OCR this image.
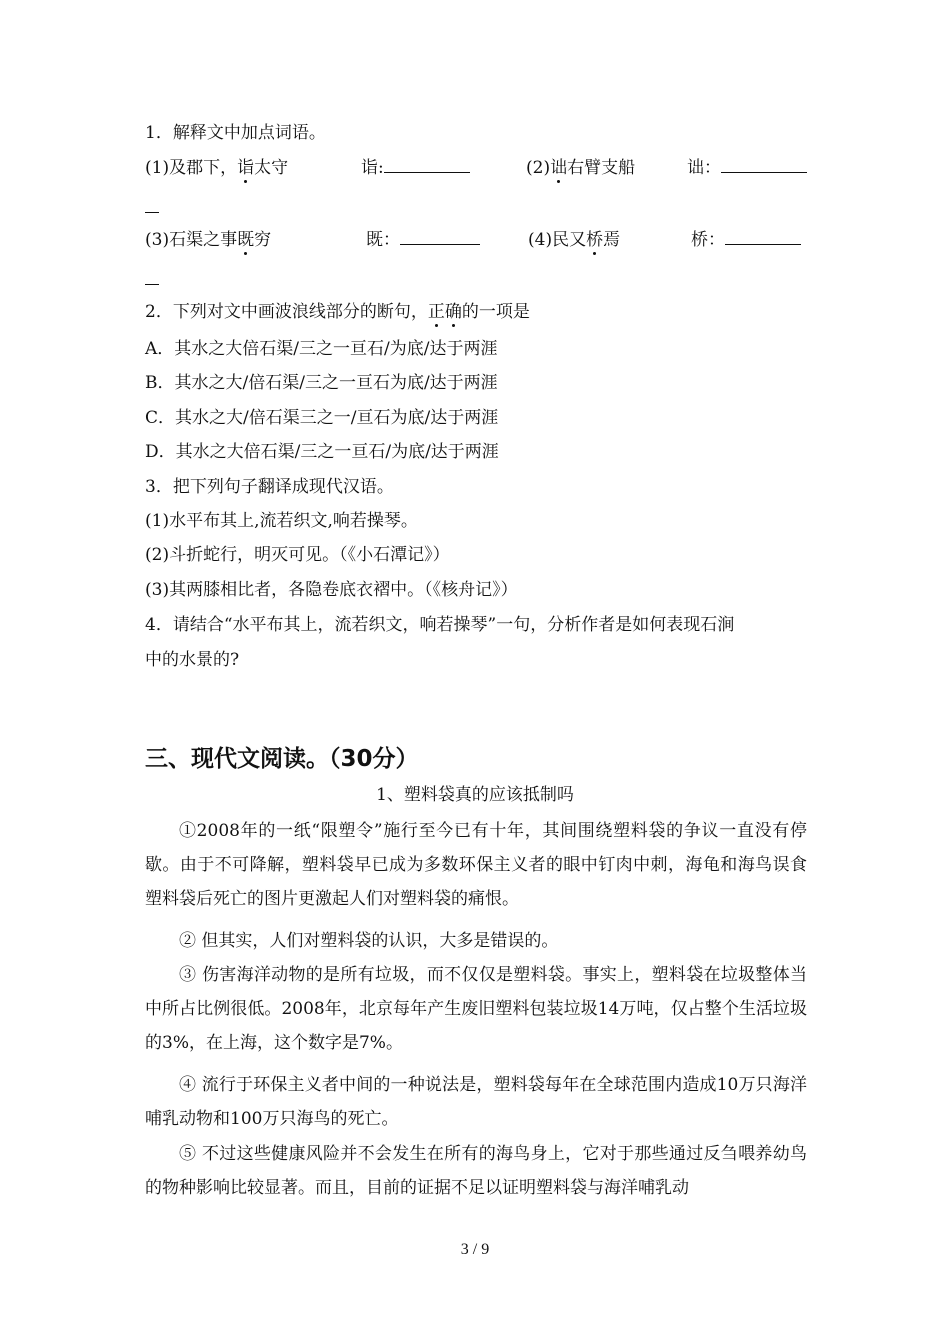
1．解释文中加点词语。
(1)及郡下，诣太守	诣:	(2)诎右臂支船	诎：
(3)石渠之事既穷	既：	(4)民又桥焉	桥：
2．下列对文中画波浪线部分的断句，正确的一项是
A．其水之大倍石渠/三之一亘石/为底/达于两涯
B．其水之大/倍石渠/三之一亘石为底/达于两涯
C．其水之大/倍石渠三之一/亘石为底/达于两涯
D．其水之大倍石渠/三之一亘石/为底/达于两涯
3．把下列句子翻译成现代汉语。
(1)水平布其上,流若织文,响若操琴。
(2)斗折蛇行，明灭可见。（《小石潭记》）
(3)其两膝相比者，各隐卷底衣褶中。（《核舟记》）
4．请结合“水平布其上，流若织文，响若操琴”一句，分析作者是如何表现石涧
中的水景的?
三、现代文阅读。（30分）
1、塑料袋真的应该抵制吗
①2008年的一纸“限塑令”施行至今已有十年，其间围绕塑料袋的争议一直没有停歇。由于不可降解，塑料袋早已成为多数环保主义者的眼中钉肉中刺，海龟和海鸟误食塑料袋后死亡的图片更激起人们对塑料袋的痛恨。
② 但其实，人们对塑料袋的认识，大多是错误的。
③ 伤害海洋动物的是所有垃圾，而不仅仅是塑料袋。事实上，塑料袋在垃圾整体当中所占比例很低。2008年，北京每年产生废旧塑料包装垃圾14万吨，仅占整个生活垃圾的3%，在上海，这个数字是7%。
④ 流行于环保主义者中间的一种说法是，塑料袋每年在全球范围内造成10万只海洋哺乳动物和100万只海鸟的死亡。
⑤ 不过这些健康风险并不会发生在所有的海鸟身上，它对于那些通过反刍喂养幼鸟的物种影响比较显著。而且，目前的证据不足以证明塑料袋与海洋哺乳动
3 / 9
